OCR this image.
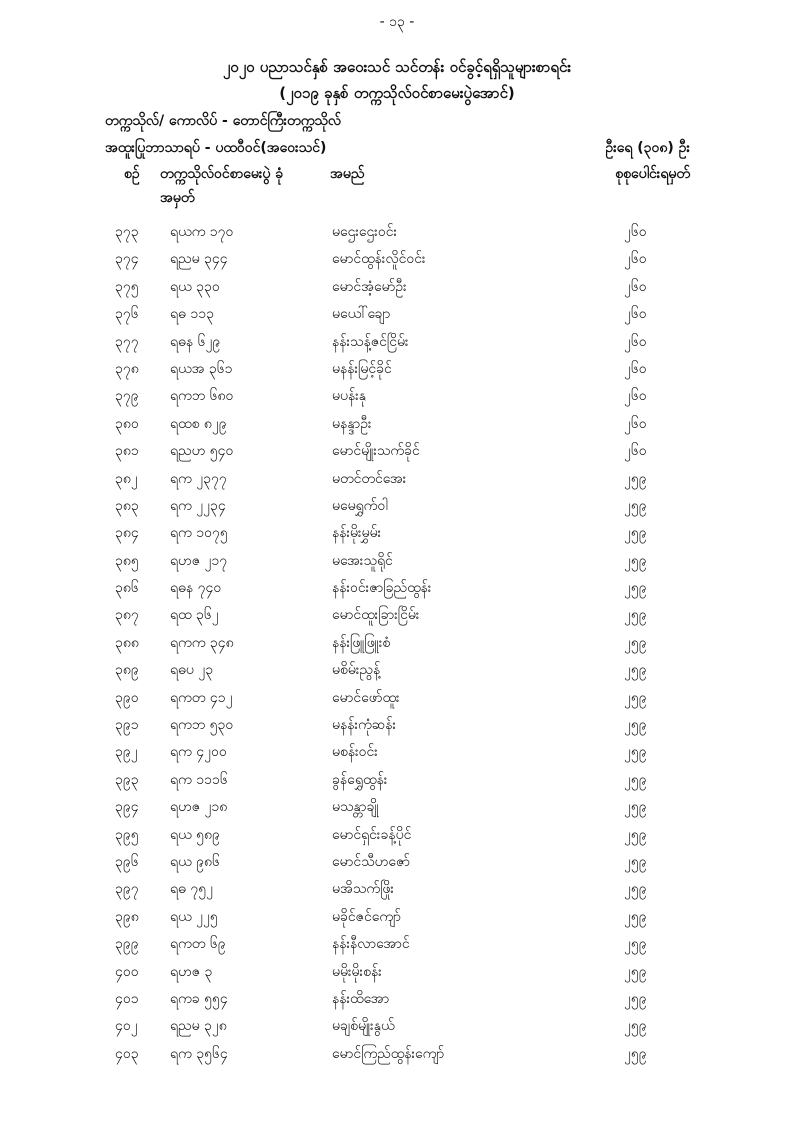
- ၁၃ -
၂၀၂၀ ပညာသင်နှစ် အဝေးသင် သင်တန်း ဝင်ခွင့်ရရှိသူများစာရင်း
(၂၀၁၉ ခုနှစ် တက္ကသိုလ်ဝင်စာမေးပွဲအောင်)
တက္ကသိုလ်/ ကောလိပ် - တောင်ကြီးတက္ကသိုလ်
အထူးပြုဘာသာရပ် - ပထဝီဝင်(အဝေးသင်)	ဦးရေ (၃၀၈) ဦး
စဉ် တက္ကသိုလ်ဝင်စာမေးပွဲ ခုံအမှတ်
အမည်	စုစုပေါင်းရမှတ်
၃၇၃ ရယက ၁၇၀	မဌေးဌေးဝင်း	၂၆၀
၃၇၄ ရညမ ၃၄၄	မောင်ထွန်းလိူင်ဝင်း	၂၆၀
၃၇၅ ရယ ၃၃၀	မောင်အံ့မော်ဦး	၂၆၀
၃၇၆ ရဓ ၁၁၃	မယေါ်ချော	၂၆၀
၃၇၇ ရဓန ၆၂၉	နန်းသန့်ဇင်ငြိမ်း	၂၆၀
၃၇၈ ရယအ ၃၆၁	မနန်းမြင့်ခိုင်	၂၆၀
၃၇၉ ရကဘ ၆၈၀	မပန်းနု	၂၆၀
၃၈၀ ရထစ ၈၂၉	မနန္ဒာဦး	၂၆၀
၃၈၁ ရညဟ ၅၄၀	မောင်မျိုးသက်ခိုင်	၂၆၀
၃၈၂ ရက ၂၃၇၇	မတင်တင်အေး	၂၅၉
၃၈၃ ရက ၂၂၃၄	မမေရွှက်ဝါ	၂၅၉
၃၈၄ ရက ၁၀၇၅	နန်းမိုးမွှမ်း	၂၅၉
၃၈၅ ရဟဇ ၂၁၇	မအေးသူရိုင်	၂၅၉
၃၈၆ ရဓန ၇၄၀	နန်းဝင်းဇာခြည်ထွန်း	၂၅၉
၃၈၇ ရထ ၃၆၂	မောင်ထူးခြားငြိမ်း	၂၅၉
၃၈၈ ရကက ၃၄၈	နန်းဖြူဖြူးစံ	၂၅၉
၃၈၉ ရဓပ ၂၃	မစိမ်းညွန့်	၂၅၉
၃၉၀ ရကတ ၄၁၂	မောင်ဖော်ထူး	၂၅၉
၃၉၁ ရကဘ ၅၃၀	မနန်းကုံဆန်း	၂၅၉
၃၉၂ ရက ၄၂၀၀	မစန်းဝင်း	၂၅၉
၃၉၃ ရက ၁၁၁၆	ခွန်ရွှေထွန်း	၂၅၉
၃၉၄ ရဟဇ ၂၁၈	မသန္တာချို	၂၅၉
၃၉၅ ရယ ၅၈၉	မောင်ရှင်းခန့်ပိုင်	၂၅၉
၃၉၆ ရယ ၉၈၆	မောင်သီဟဇော်	၂၅၉
၃၉၇ ရဓ ၇၅၂	မအိသက်ဖြိုး	၂၅၉
၃၉၈ ရယ ၂၂၅	မခိုင်ဇင်ကျော်	၂၅၉
၃၉၉ ရကတ ၆၉	နန်းနီလာအောင်	၂၅၉
၄၀၀ ရဟဇ ၃	မမိုးမိုးစန်း	၂၅၉
၄၀၁ ရကခ ၅၅၄	နန်းထိအော	၂၅၉
၄၀၂ ရညမ ၃၂၈	မချစ်မျိုးနွယ်	၂၅၉
၄၀၃ ရက ၃၅၆၄	မောင်ကြည်ထွန်းကျော်	၂၅၉
